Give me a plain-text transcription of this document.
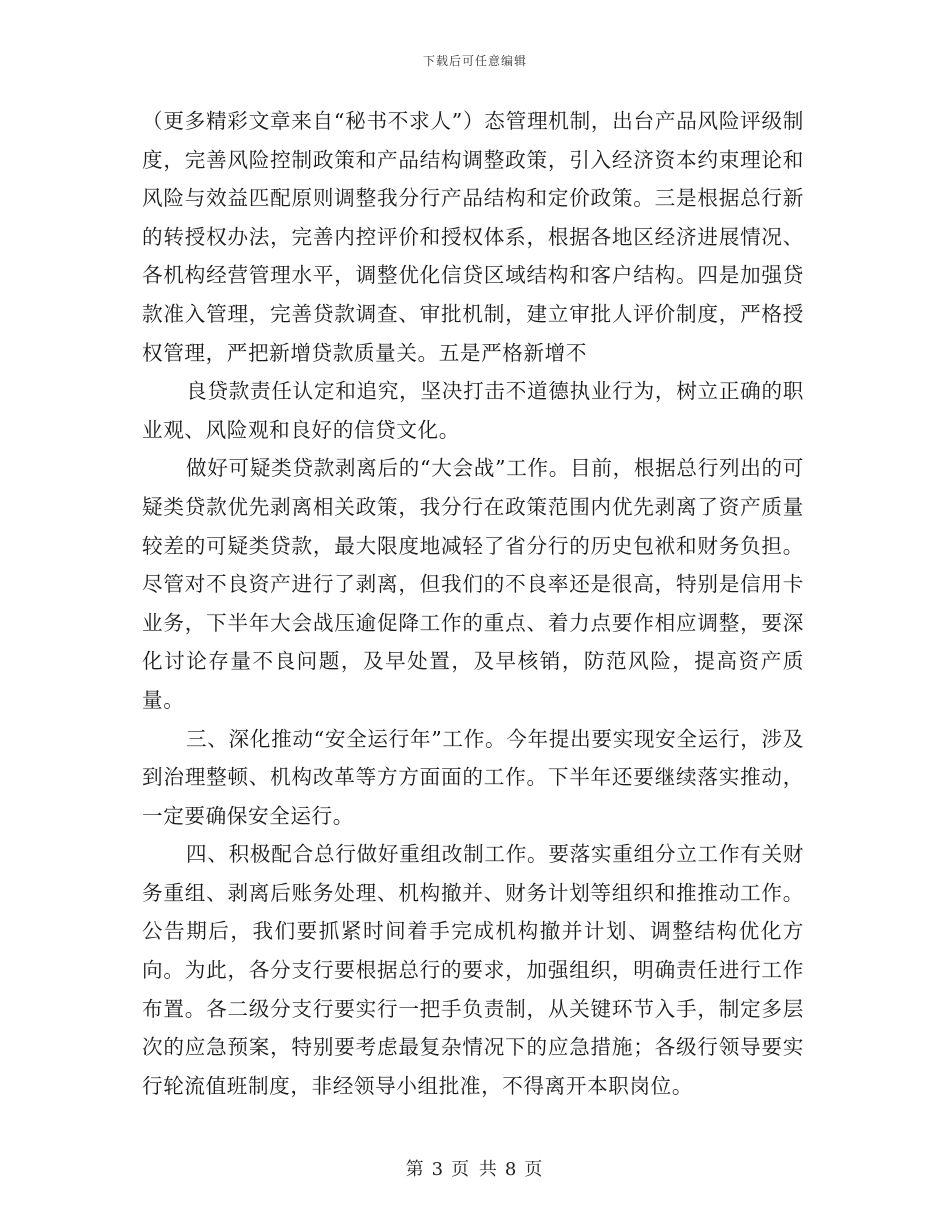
下载后可任意编辑

（更多精彩文章来自“秘书不求人”）态管理机制，出台产品风险评级制度，完善风险控制政策和产品结构调整政策，引入经济资本约束理论和风险与效益匹配原则调整我分行产品结构和定价政策。三是根据总行新的转授权办法，完善内控评价和授权体系，根据各地区经济进展情况、各机构经营管理水平，调整优化信贷区域结构和客户结构。四是加强贷款准入管理，完善贷款调查、审批机制，建立审批人评价制度，严格授权管理，严把新增贷款质量关。五是严格新增不

良贷款责任认定和追究，坚决打击不道德执业行为，树立正确的职业观、风险观和良好的信贷文化。

做好可疑类贷款剥离后的“大会战”工作。目前，根据总行列出的可疑类贷款优先剥离相关政策，我分行在政策范围内优先剥离了资产质量较差的可疑类贷款，最大限度地减轻了省分行的历史包袱和财务负担。尽管对不良资产进行了剥离，但我们的不良率还是很高，特别是信用卡业务，下半年大会战压逾促降工作的重点、着力点要作相应调整，要深化讨论存量不良问题，及早处置，及早核销，防范风险，提高资产质量。

三、深化推动“安全运行年”工作。今年提出要实现安全运行，涉及到治理整顿、机构改革等方方面面的工作。下半年还要继续落实推动，一定要确保安全运行。

四、积极配合总行做好重组改制工作。要落实重组分立工作有关财务重组、剥离后账务处理、机构撤并、财务计划等组织和推推动工作。公告期后，我们要抓紧时间着手完成机构撤并计划、调整结构优化方向。为此，各分支行要根据总行的要求，加强组织，明确责任进行工作布置。各二级分支行要实行一把手负责制，从关键环节入手，制定多层次的应急预案，特别要考虑最复杂情况下的应急措施；各级行领导要实行轮流值班制度，非经领导小组批准，不得离开本职岗位。

第 3 页 共 8 页
